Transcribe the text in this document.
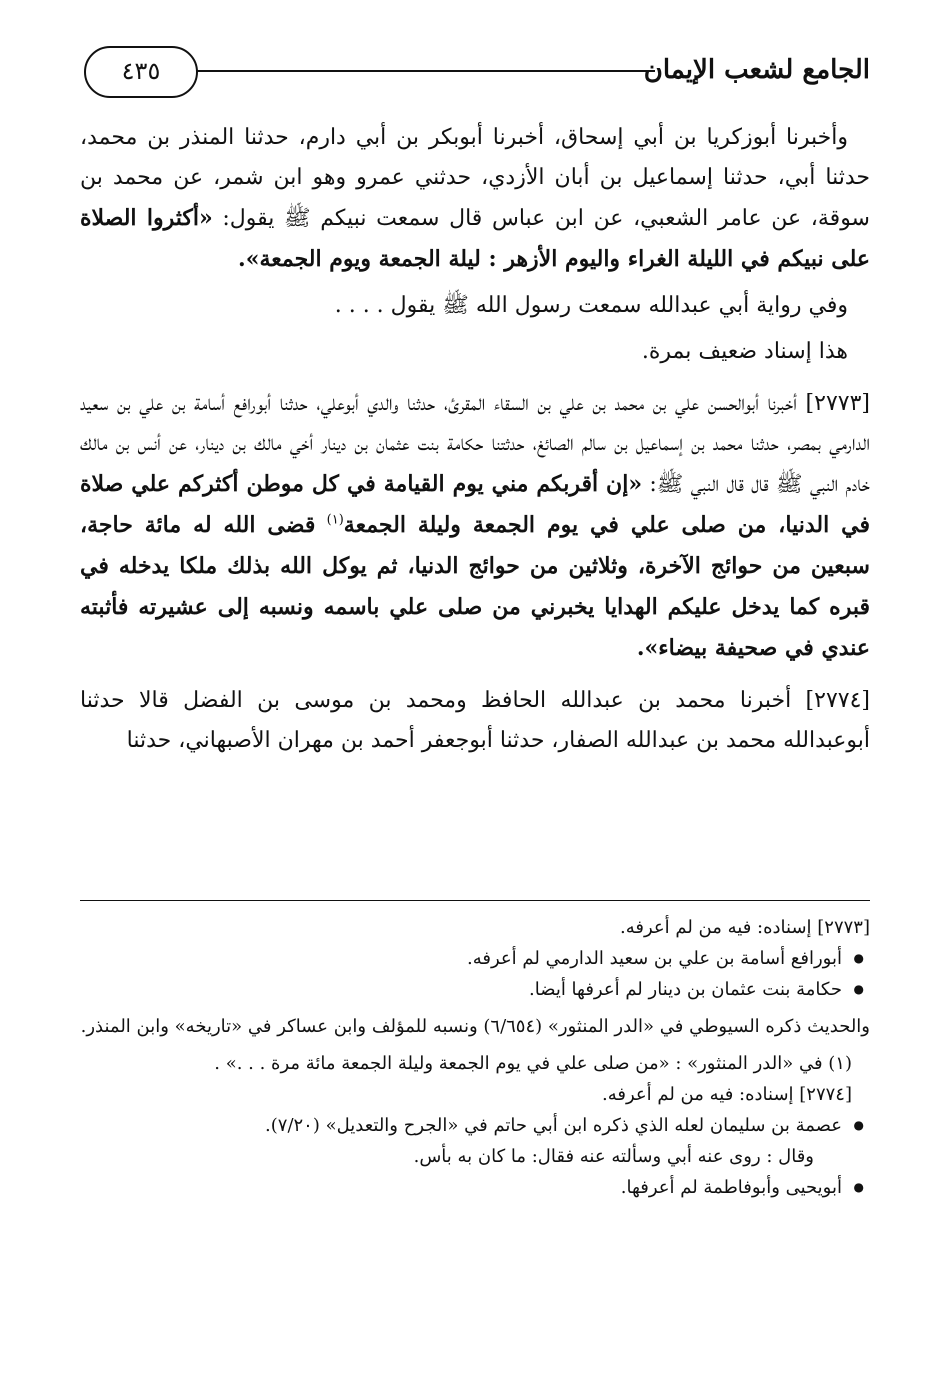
٤٣٥	الجامع لشعب الإيمان

وأخبرنا أبوزكريا بن أبي إسحاق، أخبرنا أبوبكر بن أبي دارم، حدثنا المنذر بن محمد، حدثنا أبي، حدثنا إسماعيل بن أبان الأزدي، حدثني عمرو وهو ابن شمر، عن محمد بن سوقة، عن عامر الشعبي، عن ابن عباس قال سمعت نبيكم ﷺ يقول: «أكثروا الصلاة على نبيكم في الليلة الغراء واليوم الأزهر : ليلة الجمعة ويوم الجمعة».

وفي رواية أبي عبدالله سمعت رسول الله ﷺ يقول . . . .

هذا إسناد ضعيف بمرة.

[٢٧٧٣] أخبرنا أبوالحسن علي بن محمد بن علي بن السقاء المقرئ، حدثنا والدي أبوعلي، حدثنا أبورافع أسامة بن علي بن سعيد الدارمي بمصر، حدثنا محمد بن إسماعيل بن سالم الصائغ، حدثتنا حكامة بنت عثمان بن دينار أخي مالك بن دينار، عن أنس بن مالك خادم النبي ﷺ قال قال النبي ﷺ: «إن أقربكم مني يوم القيامة في كل موطن أكثركم علي صلاة في الدنيا، من صلى علي في يوم الجمعة وليلة الجمعة$^{(١)}$ قضى الله له مائة حاجة، سبعين من حوائج الآخرة، وثلاثين من حوائج الدنيا، ثم يوكل الله بذلك ملكا يدخله في قبره كما يدخل عليكم الهدايا يخبرني من صلى علي باسمه ونسبه إلى عشيرته فأثبته عندي في صحيفة بيضاء».

[٢٧٧٤] أخبرنا محمد بن عبدالله الحافظ ومحمد بن موسى بن الفضل قالا حدثنا أبوعبدالله محمد بن عبدالله الصفار، حدثنا أبوجعفر أحمد بن مهران الأصبهاني، حدثنا

[٢٧٧٣] إسناده: فيه من لم أعرفه.

● أبورافع أسامة بن علي بن سعيد الدارمي لم أعرفه.

● حكامة بنت عثمان بن دينار لم أعرفها أيضا.

والحديث ذكره السيوطي في «الدر المنثور» (٦/٦٥٤) ونسبه للمؤلف وابن عساكر في «تاريخه» وابن المنذر.

(١) في «الدر المنثور» : «من صلى علي في يوم الجمعة وليلة الجمعة مائة مرة . . .» .

[٢٧٧٤] إسناده: فيه من لم أعرفه.

● عصمة بن سليمان لعله الذي ذكره ابن أبي حاتم في «الجرح والتعديل» (٧/٢٠).

وقال : روى عنه أبي وسألته عنه فقال: ما كان به بأس.

● أبويحيى وأبوفاطمة لم أعرفها.
